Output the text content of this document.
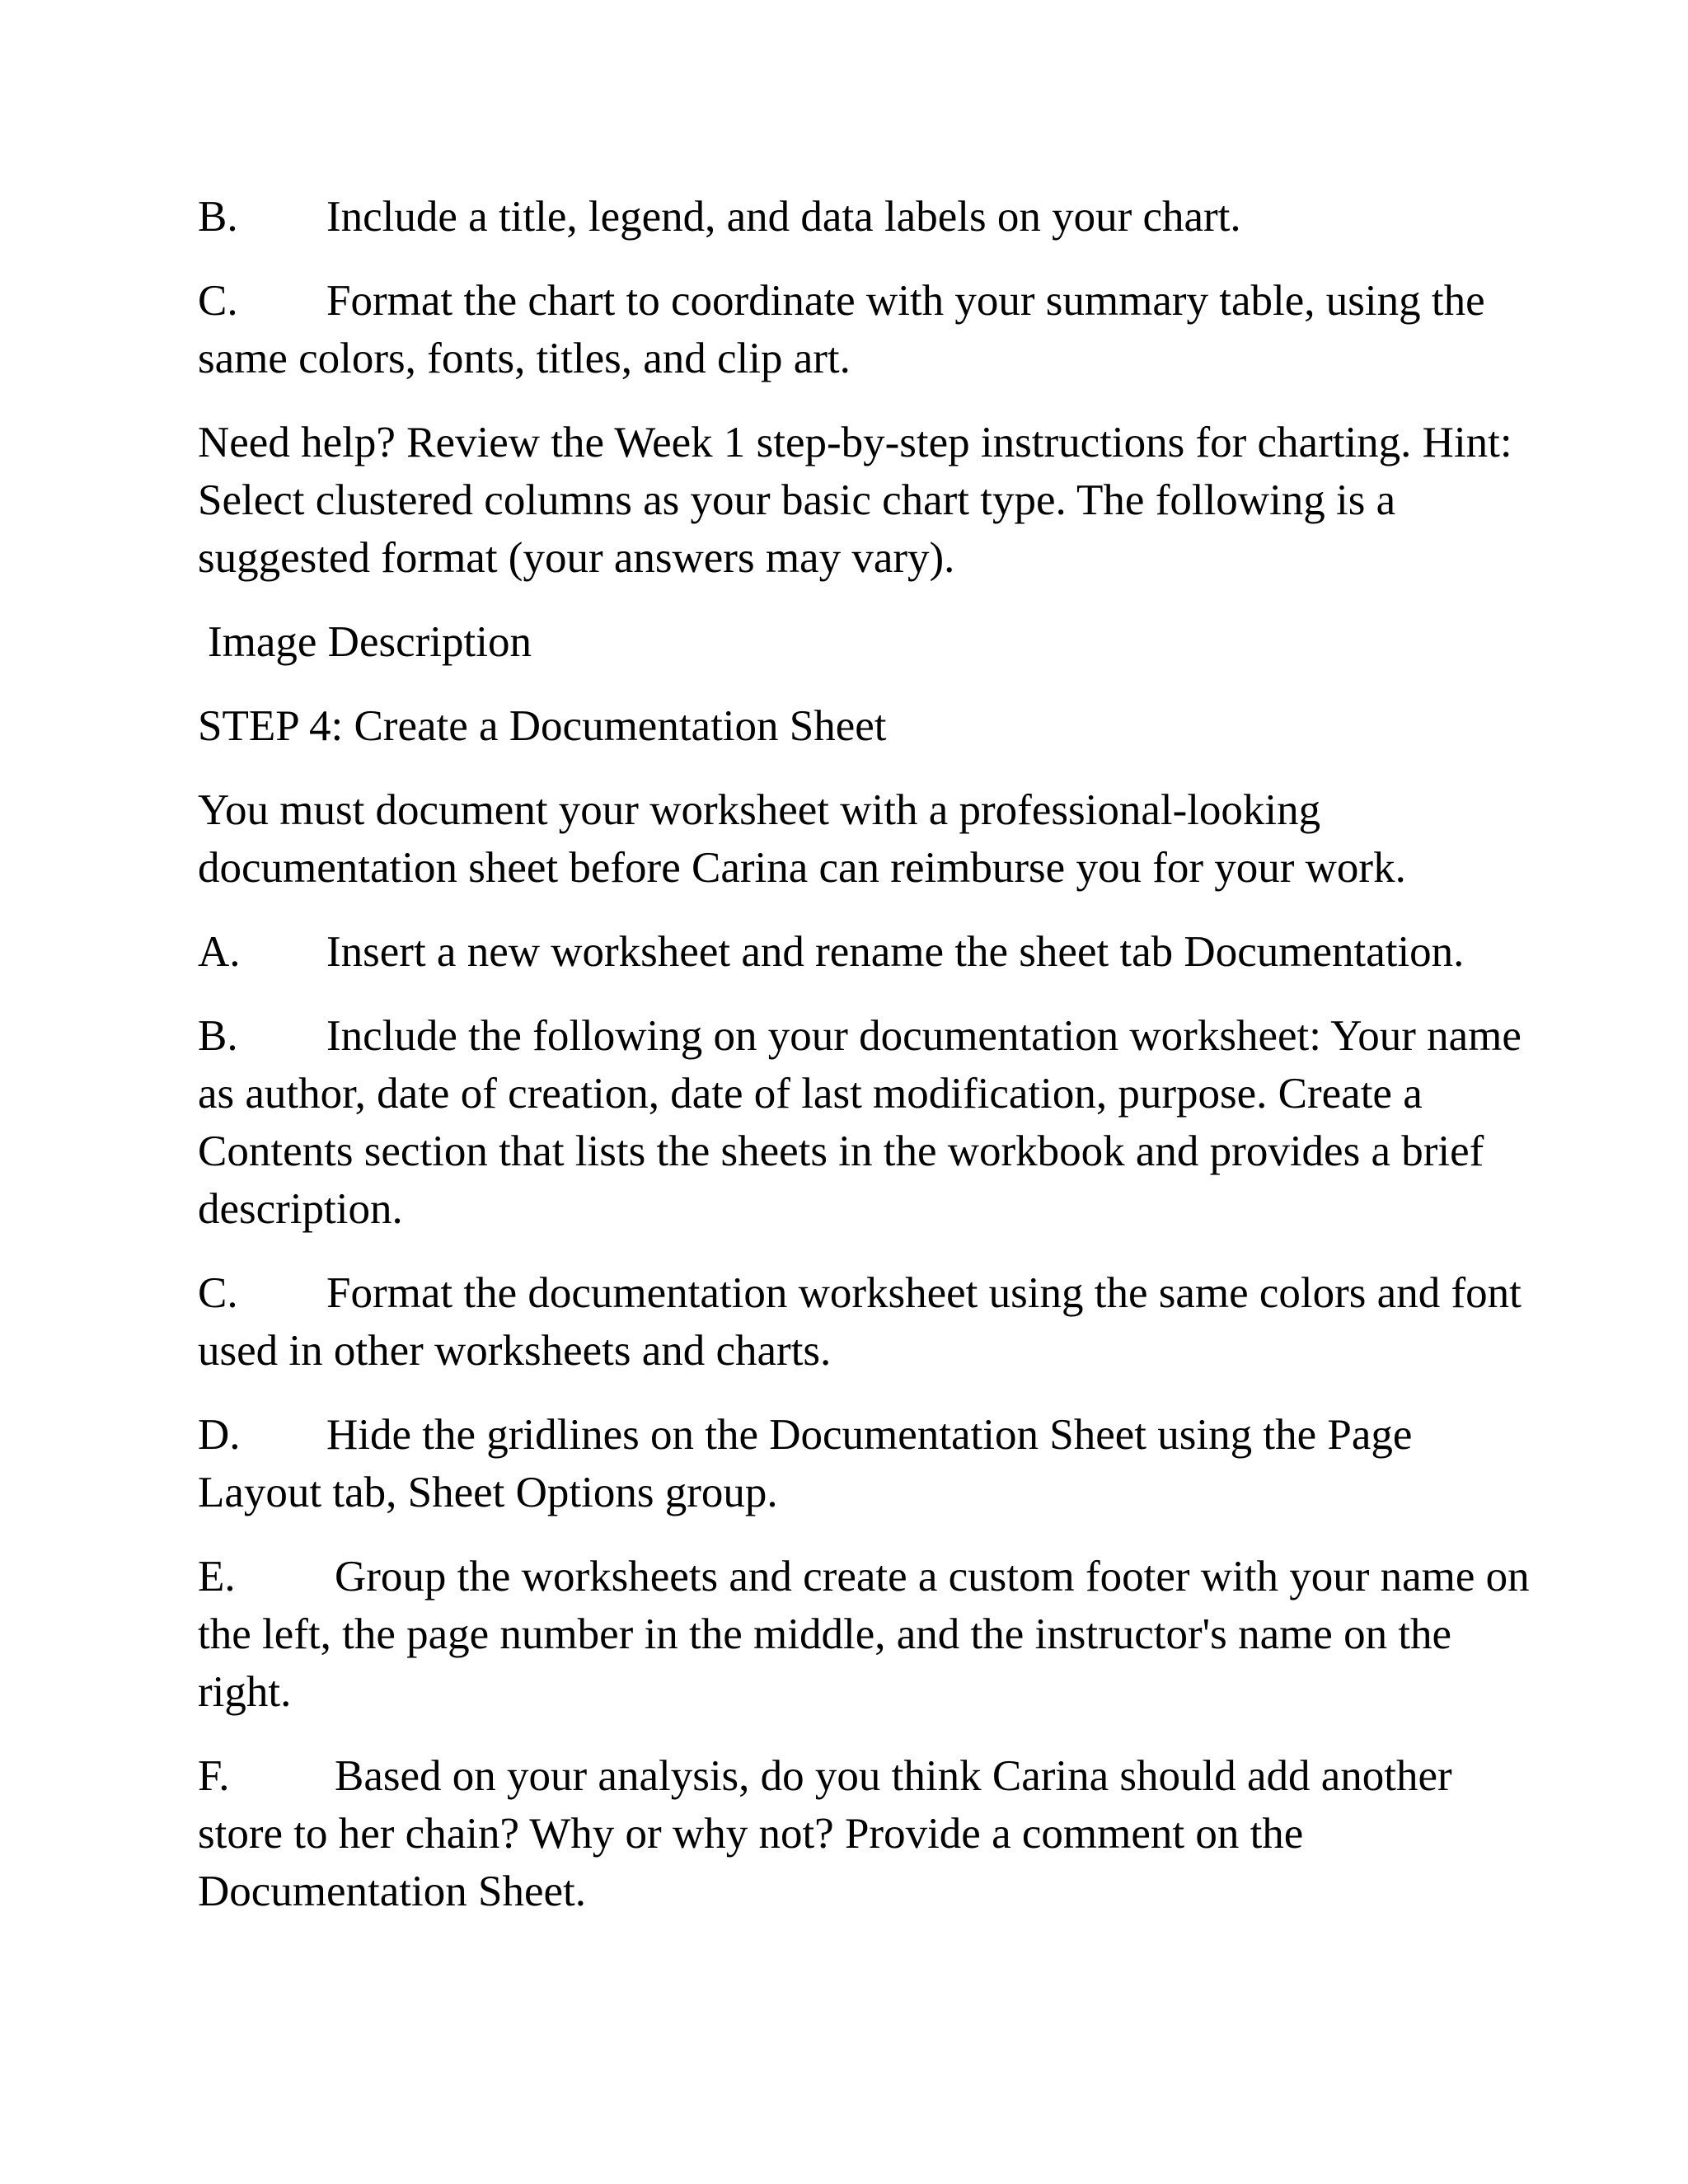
B. Include a title, legend, and data labels on your chart.

C. Format the chart to coordinate with your summary table, using the same colors, fonts, titles, and clip art.

Need help? Review the Week 1 step-by-step instructions for charting. Hint: Select clustered columns as your basic chart type. The following is a suggested format (your answers may vary).

Image Description

STEP 4: Create a Documentation Sheet

You must document your worksheet with a professional-looking documentation sheet before Carina can reimburse you for your work.

A. Insert a new worksheet and rename the sheet tab Documentation.

B. Include the following on your documentation worksheet: Your name as author, date of creation, date of last modification, purpose. Create a Contents section that lists the sheets in the workbook and provides a brief description.

C. Format the documentation worksheet using the same colors and font used in other worksheets and charts.

D. Hide the gridlines on the Documentation Sheet using the Page Layout tab, Sheet Options group.

E. Group the worksheets and create a custom footer with your name on the left, the page number in the middle, and the instructor's name on the right.

F. Based on your analysis, do you think Carina should add another store to her chain? Why or why not? Provide a comment on the Documentation Sheet.
